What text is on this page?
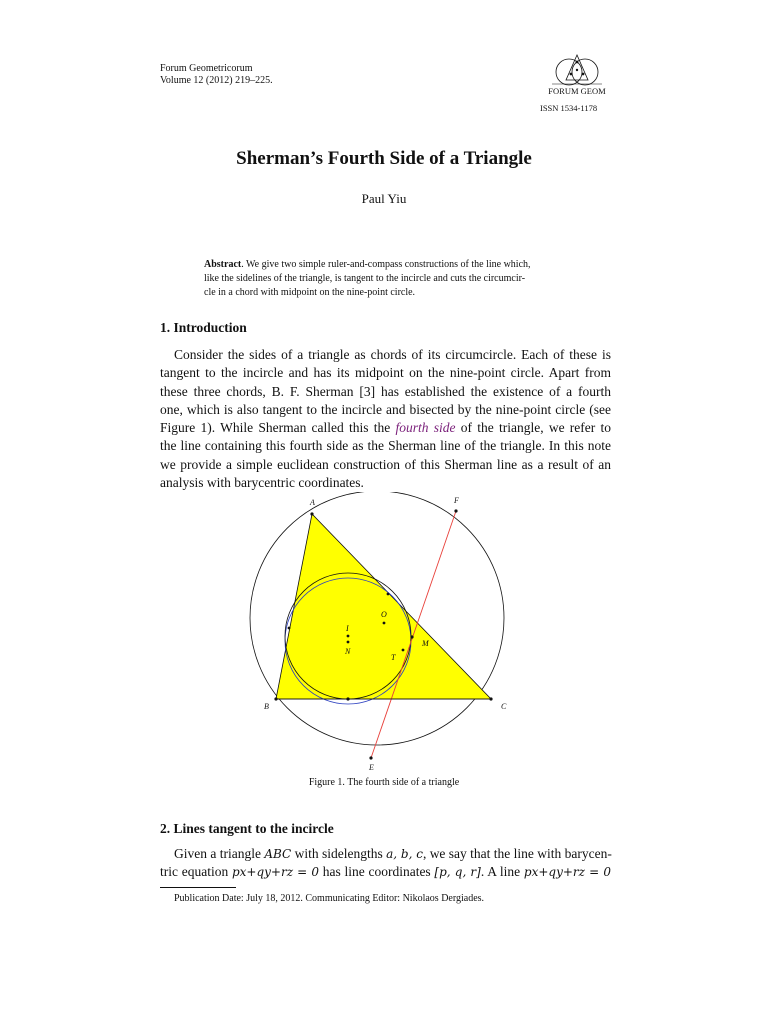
Forum Geometricorum
Volume 12 (2012) 219–225.
FORUM GEOM
ISSN 1534-1178
Sherman’s Fourth Side of a Triangle
Paul Yiu
Abstract. We give two simple ruler-and-compass constructions of the line which,
like the sidelines of the triangle, is tangent to the incircle and cuts the circumcir-
cle in a chord with midpoint on the nine-point circle.
1. Introduction
Consider the sides of a triangle as chords of its circumcircle. Each of these is
tangent to the incircle and has its midpoint on the nine-point circle. Apart from
these three chords, B. F. Sherman [3] has established the existence of a fourth
one, which is also tangent to the incircle and bisected by the nine-point circle (see
Figure 1). While Sherman called this the fourth side of the triangle, we refer to
the line containing this fourth side as the Sherman line of the triangle. In this note
we provide a simple euclidean construction of this Sherman line as a result of an
analysis with barycentric coordinates.
A
B	C
E
F
I
N
O
M
T
Figure 1. The fourth side of a triangle
2. Lines tangent to the incircle
Given a triangle ABC with sidelengths a, b, c, we say that the line with barycen-
tric equation px+qy+rz = 0 has line coordinates [p, q, r]. A line px+qy+rz = 0
Publication Date: July 18, 2012. Communicating Editor: Nikolaos Dergiades.
